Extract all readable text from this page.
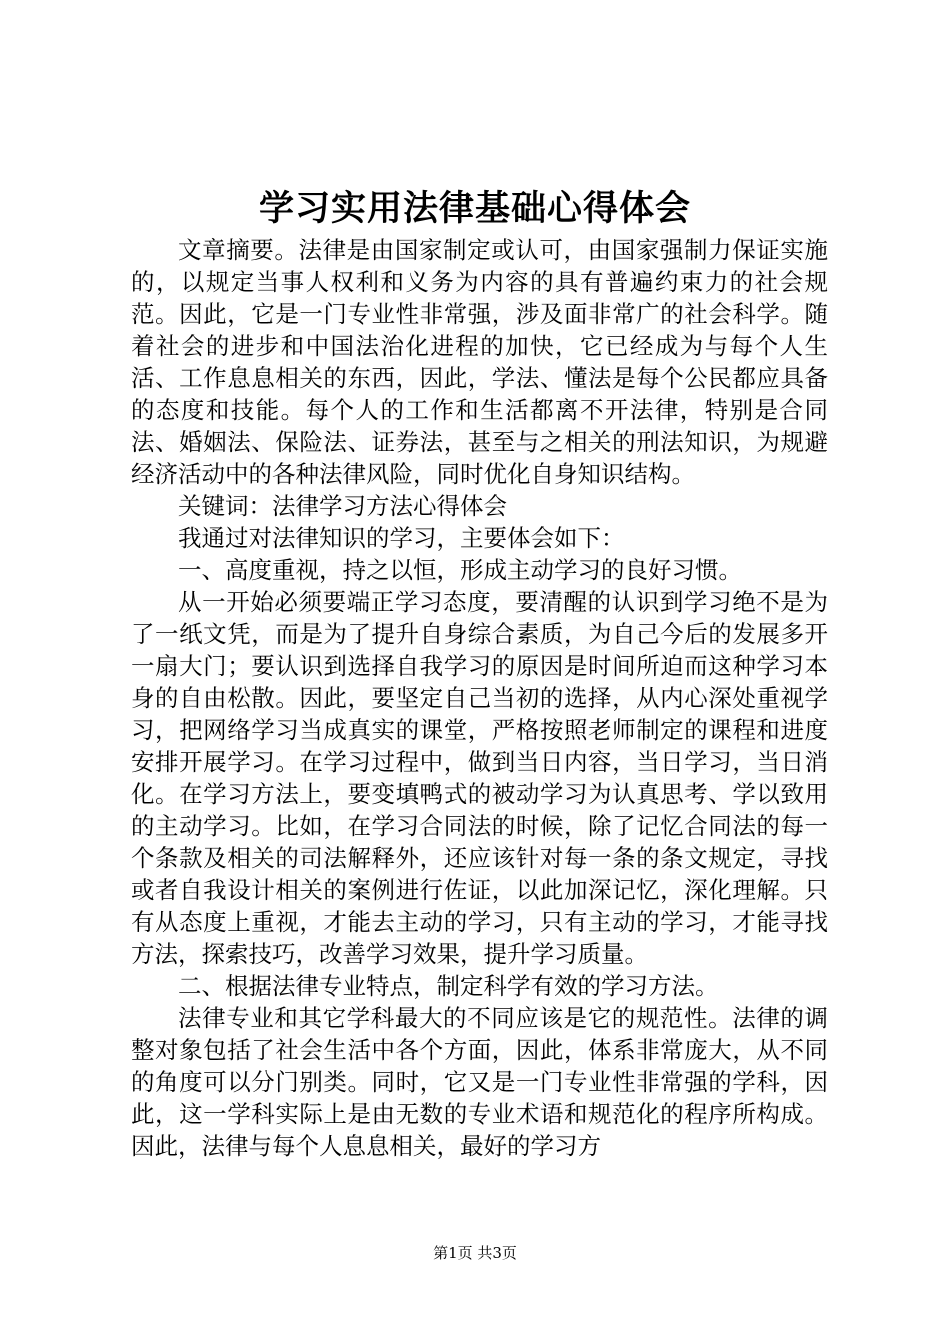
学习实用法律基础心得体会

文章摘要。法律是由国家制定或认可，由国家强制力保证实施的，以规定当事人权利和义务为内容的具有普遍约束力的社会规范。因此，它是一门专业性非常强，涉及面非常广的社会科学。随着社会的进步和中国法治化进程的加快，它已经成为与每个人生活、工作息息相关的东西，因此，学法、懂法是每个公民都应具备的态度和技能。每个人的工作和生活都离不开法律，特别是合同法、婚姻法、保险法、证券法，甚至与之相关的刑法知识，为规避经济活动中的各种法律风险，同时优化自身知识结构。

关键词：法律学习方法心得体会

我通过对法律知识的学习，主要体会如下：

一、高度重视，持之以恒，形成主动学习的良好习惯。

从一开始必须要端正学习态度，要清醒的认识到学习绝不是为了一纸文凭，而是为了提升自身综合素质，为自己今后的发展多开一扇大门；要认识到选择自我学习的原因是时间所迫而这种学习本身的自由松散。因此，要坚定自己当初的选择，从内心深处重视学习，把网络学习当成真实的课堂，严格按照老师制定的课程和进度安排开展学习。在学习过程中，做到当日内容，当日学习，当日消化。在学习方法上，要变填鸭式的被动学习为认真思考、学以致用的主动学习。比如，在学习合同法的时候，除了记忆合同法的每一个条款及相关的司法解释外，还应该针对每一条的条文规定，寻找或者自我设计相关的案例进行佐证，以此加深记忆，深化理解。只有从态度上重视，才能去主动的学习，只有主动的学习，才能寻找方法，探索技巧，改善学习效果，提升学习质量。

二、根据法律专业特点，制定科学有效的学习方法。

法律专业和其它学科最大的不同应该是它的规范性。法律的调整对象包括了社会生活中各个方面，因此，体系非常庞大，从不同的角度可以分门别类。同时，它又是一门专业性非常强的学科，因此，这一学科实际上是由无数的专业术语和规范化的程序所构成。因此，法律与每个人息息相关，最好的学习方

第1页 共3页
